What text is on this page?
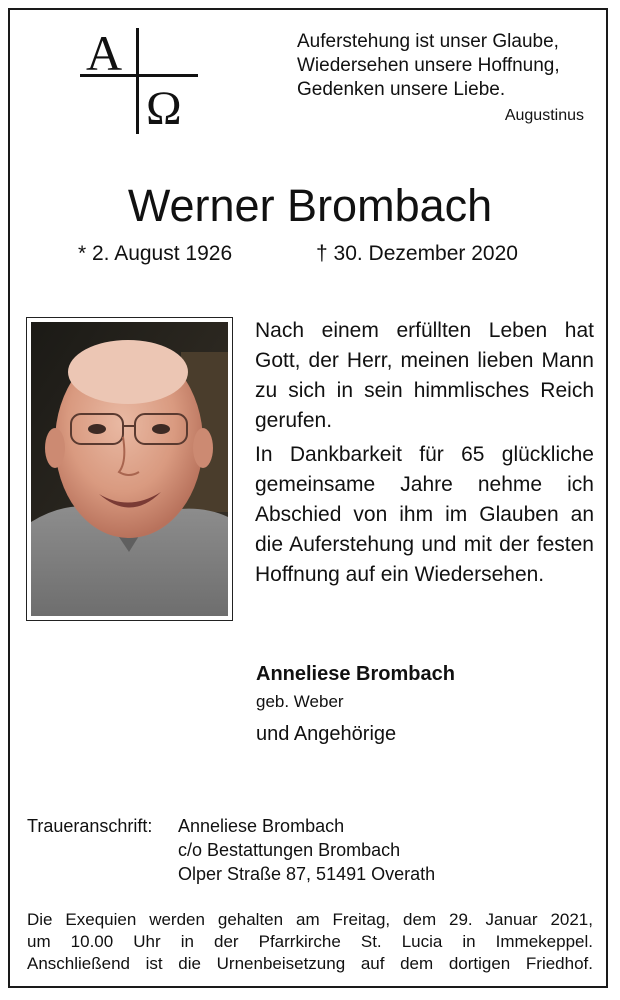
A
Ω
Auferstehung ist unser Glaube,
Wiedersehen unsere Hoffnung,
Gedenken unsere Liebe.
Augustinus
Werner Brombach
* 2. August 1926	† 30. Dezember 2020

Nach einem erfüllten Leben hat Gott, der Herr, meinen lieben Mann zu sich in sein himmlisches Reich gerufen.

In Dankbarkeit für 65 glückliche gemeinsame Jahre nehme ich Abschied von ihm im Glauben an die Auferstehung und mit der festen Hoffnung auf ein Wiedersehen.

Anneliese Brombach
geb. Weber
und Angehörige
Traueranschrift: Anneliese Brombach
c/o Bestattungen Brombach
Olper Straße 87, 51491 Overath
Die Exequien werden gehalten am Freitag, dem 29. Januar 2021,
um 10.00 Uhr in der Pfarrkirche St. Lucia in Immekeppel.
Anschließend ist die Urnenbeisetzung auf dem dortigen Friedhof.
